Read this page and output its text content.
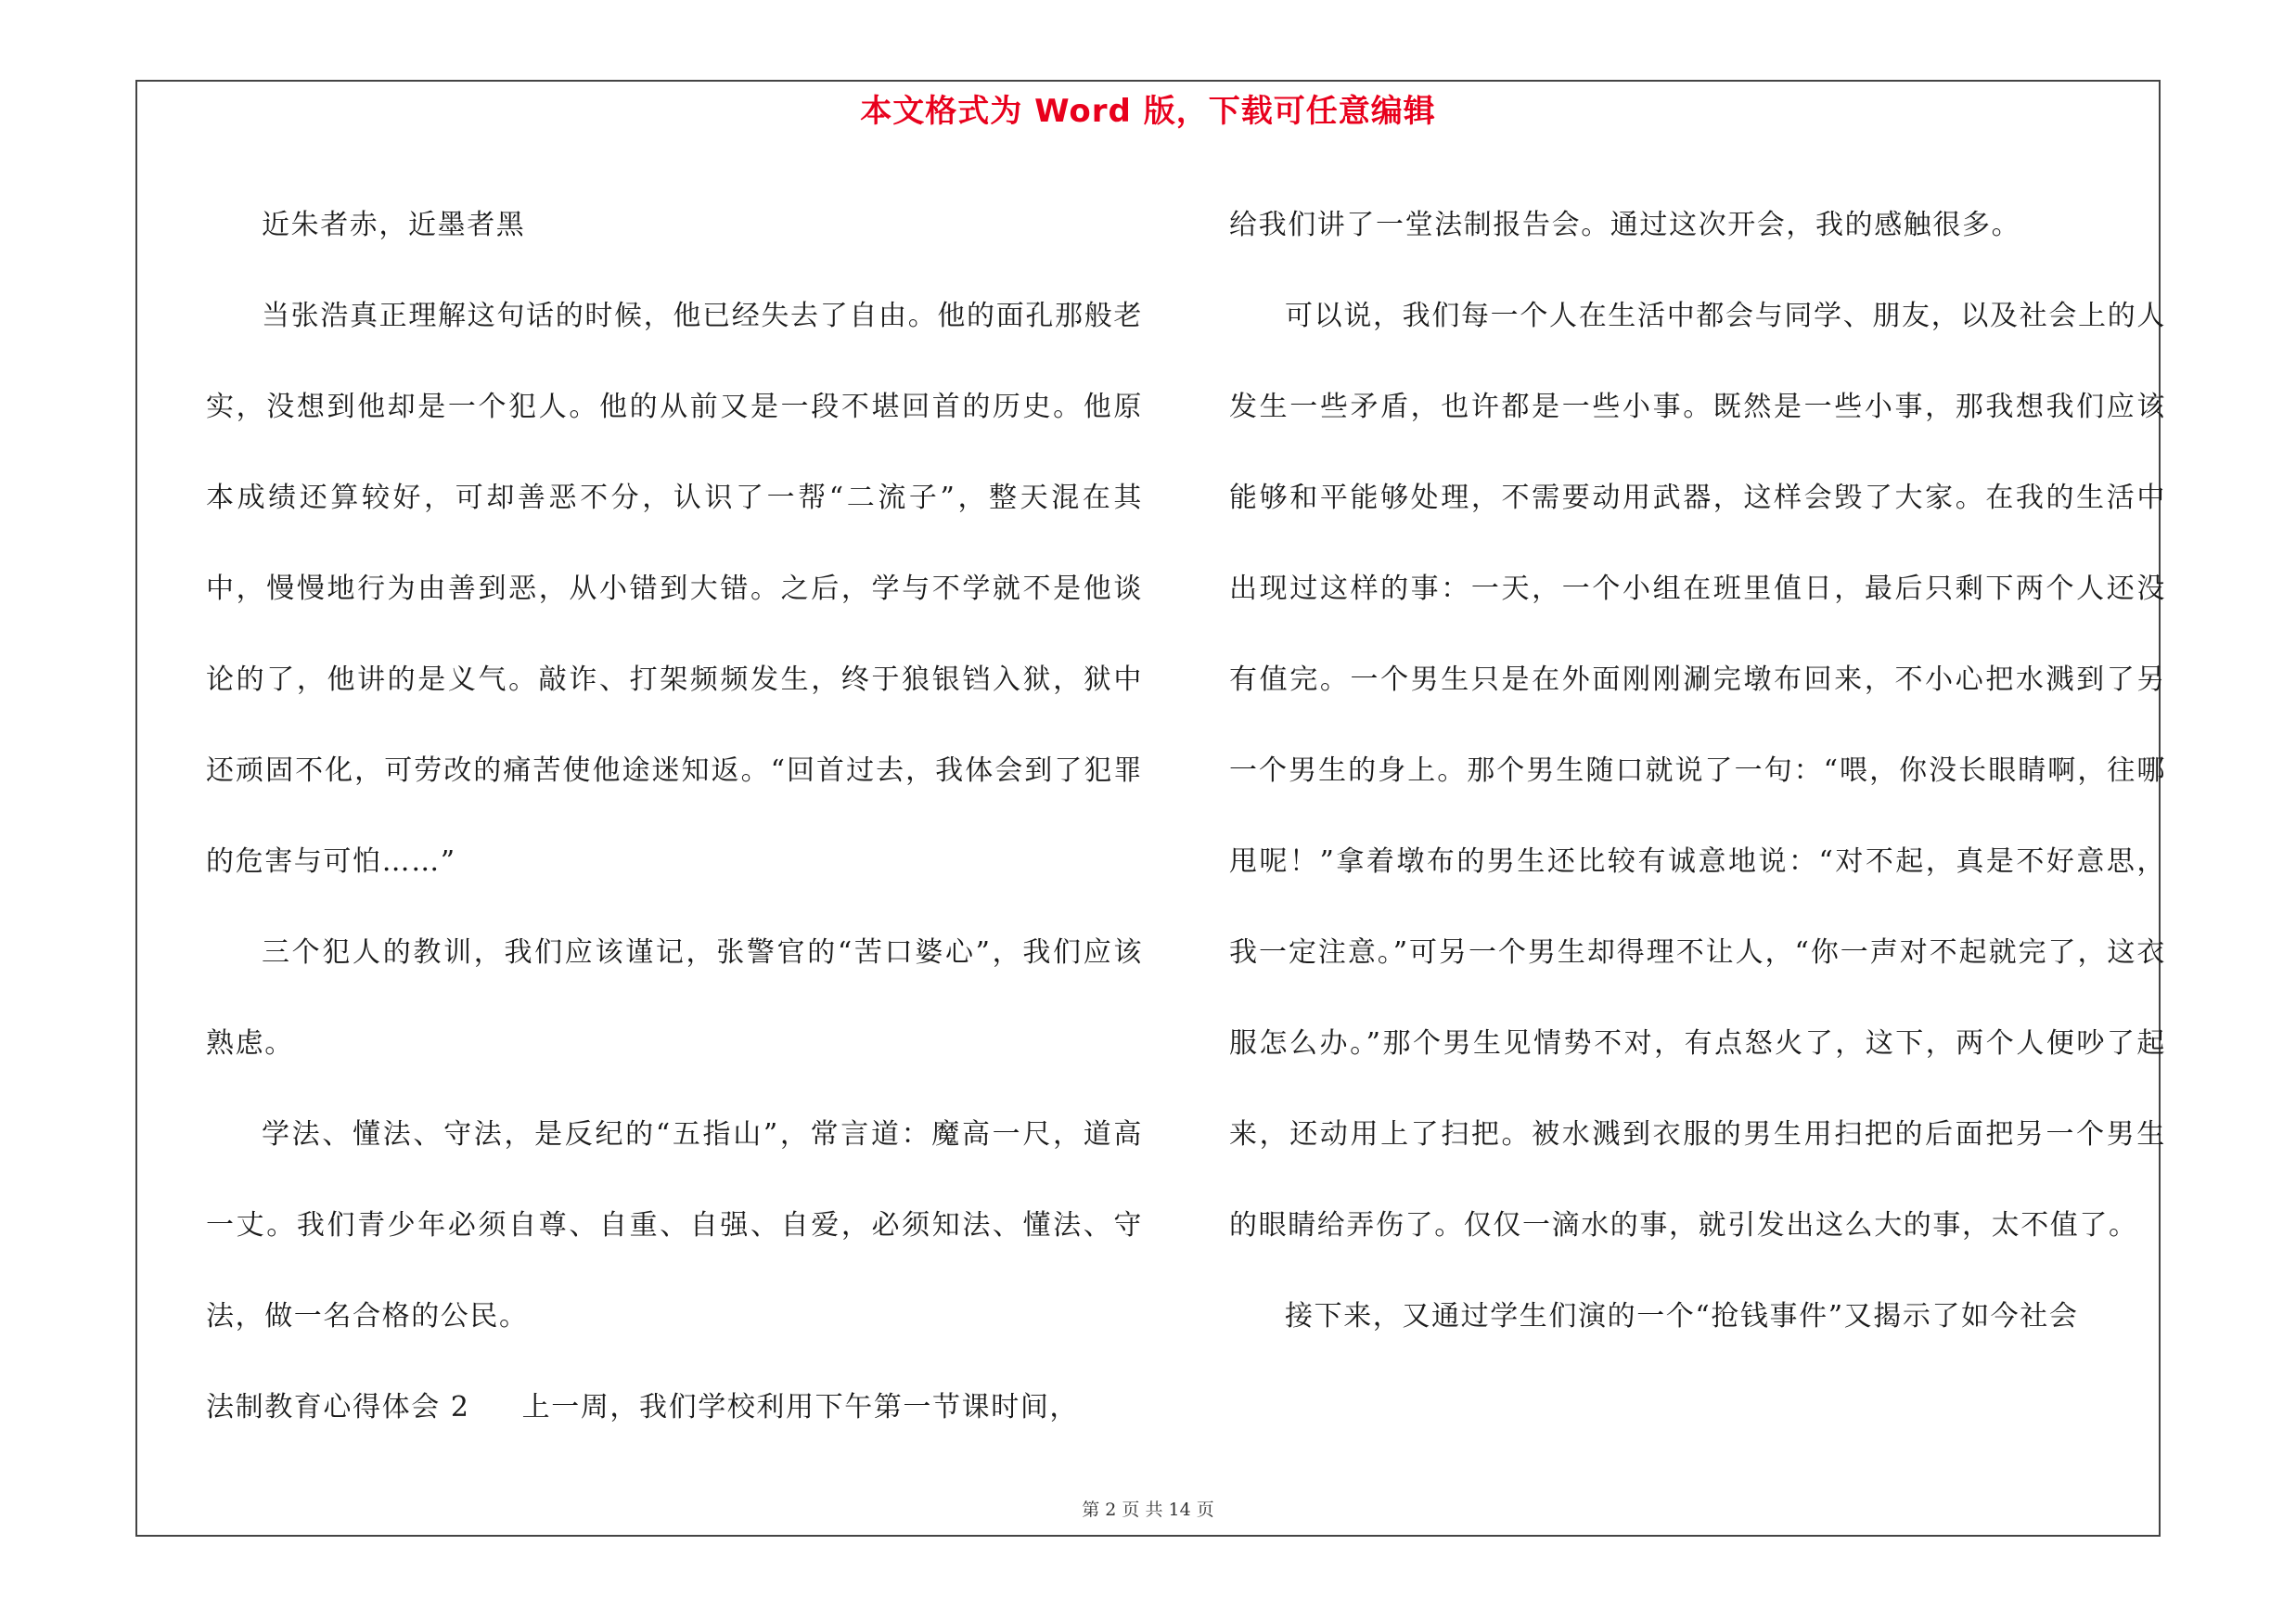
本文格式为 Word 版，下载可任意编辑

近朱者赤，近墨者黑

当张浩真正理解这句话的时候，他已经失去了自由。他的面孔那般老实，没想到他却是一个犯人。他的从前又是一段不堪回首的历史。他原本成绩还算较好，可却善恶不分，认识了一帮“二流子”，整天混在其中，慢慢地行为由善到恶，从小错到大错。之后，学与不学就不是他谈论的了，他讲的是义气。敲诈、打架频频发生，终于狼银铛入狱，狱中还顽固不化，可劳改的痛苦使他途迷知返。“回首过去，我体会到了犯罪的危害与可怕……”

三个犯人的教训，我们应该谨记，张警官的“苦口婆心”，我们应该熟虑。

学法、懂法、守法，是反纪的“五指山”，常言道：魔高一尺，道高一丈。我们青少年必须自尊、自重、自强、自爱，必须知法、懂法、守法，做一名合格的公民。

法制教育心得体会 2 上一周，我们学校利用下午第一节课时间，

给我们讲了一堂法制报告会。通过这次开会，我的感触很多。

可以说，我们每一个人在生活中都会与同学、朋友，以及社会上的人发生一些矛盾，也许都是一些小事。既然是一些小事，那我想我们应该能够和平能够处理，不需要动用武器，这样会毁了大家。在我的生活中出现过这样的事：一天，一个小组在班里值日，最后只剩下两个人还没有值完。一个男生只是在外面刚刚涮完墩布回来，不小心把水溅到了另一个男生的身上。那个男生随口就说了一句：“喂，你没长眼睛啊，往哪甩呢！”拿着墩布的男生还比较有诚意地说：“对不起，真是不好意思，我一定注意。”可另一个男生却得理不让人，“你一声对不起就完了，这衣服怎么办。”那个男生见情势不对，有点怒火了，这下，两个人便吵了起来，还动用上了扫把。被水溅到衣服的男生用扫把的后面把另一个男生的眼睛给弄伤了。仅仅一滴水的事，就引发出这么大的事，太不值了。

接下来，又通过学生们演的一个“抢钱事件”又揭示了如今社会

第 2 页 共 14 页
